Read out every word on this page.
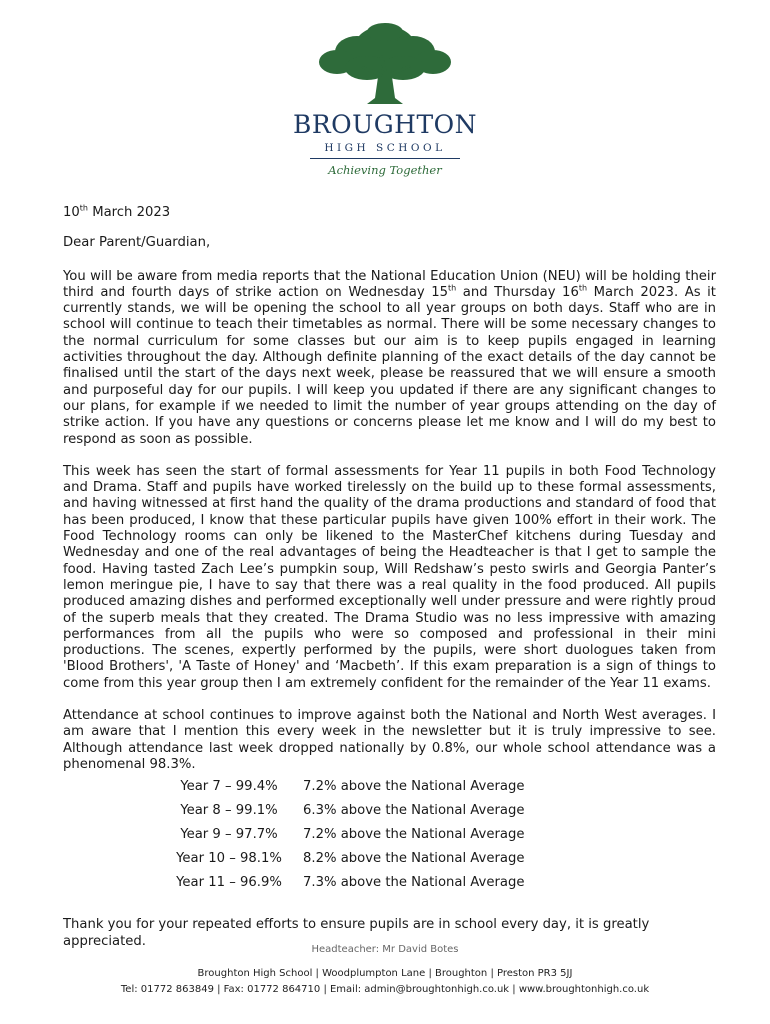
BROUGHTON
HIGH SCHOOL
Achieving Together

10th March 2023

Dear Parent/Guardian,

You will be aware from media reports that the National Education Union (NEU) will be holding their third and fourth days of strike action on Wednesday 15th and Thursday 16th March 2023. As it currently stands, we will be opening the school to all year groups on both days. Staff who are in school will continue to teach their timetables as normal. There will be some necessary changes to the normal curriculum for some classes but our aim is to keep pupils engaged in learning activities throughout the day. Although definite planning of the exact details of the day cannot be finalised until the start of the days next week, please be reassured that we will ensure a smooth and purposeful day for our pupils. I will keep you updated if there are any significant changes to our plans, for example if we needed to limit the number of year groups attending on the day of strike action. If you have any questions or concerns please let me know and I will do my best to respond as soon as possible.

This week has seen the start of formal assessments for Year 11 pupils in both Food Technology and Drama. Staff and pupils have worked tirelessly on the build up to these formal assessments, and having witnessed at first hand the quality of the drama productions and standard of food that has been produced, I know that these particular pupils have given 100% effort in their work. The Food Technology rooms can only be likened to the MasterChef kitchens during Tuesday and Wednesday and one of the real advantages of being the Headteacher is that I get to sample the food. Having tasted Zach Lee’s pumpkin soup, Will Redshaw’s pesto swirls and Georgia Panter’s lemon meringue pie, I have to say that there was a real quality in the food produced. All pupils produced amazing dishes and performed exceptionally well under pressure and were rightly proud of the superb meals that they created. The Drama Studio was no less impressive with amazing performances from all the pupils who were so composed and professional in their mini productions. The scenes, expertly performed by the pupils, were short duologues taken from 'Blood Brothers', 'A Taste of Honey' and ‘Macbeth’. If this exam preparation is a sign of things to come from this year group then I am extremely confident for the remainder of the Year 11 exams.

Attendance at school continues to improve against both the National and North West averages. I am aware that I mention this every week in the newsletter but it is truly impressive to see. Although attendance last week dropped nationally by 0.8%, our whole school attendance was a phenomenal 98.3%.

Year 7 – 99.4%	7.2% above the National Average
Year 8 – 99.1%	6.3% above the National Average
Year 9 – 97.7%	7.2% above the National Average
Year 10 – 98.1%	8.2% above the National Average
Year 11 – 96.9%	7.3% above the National Average

Thank you for your repeated efforts to ensure pupils are in school every day, it is greatly appreciated.

Headteacher: Mr David Botes
Broughton High School | Woodplumpton Lane | Broughton | Preston PR3 5JJ
Tel: 01772 863849 | Fax: 01772 864710 | Email: admin@broughtonhigh.co.uk | www.broughtonhigh.co.uk
